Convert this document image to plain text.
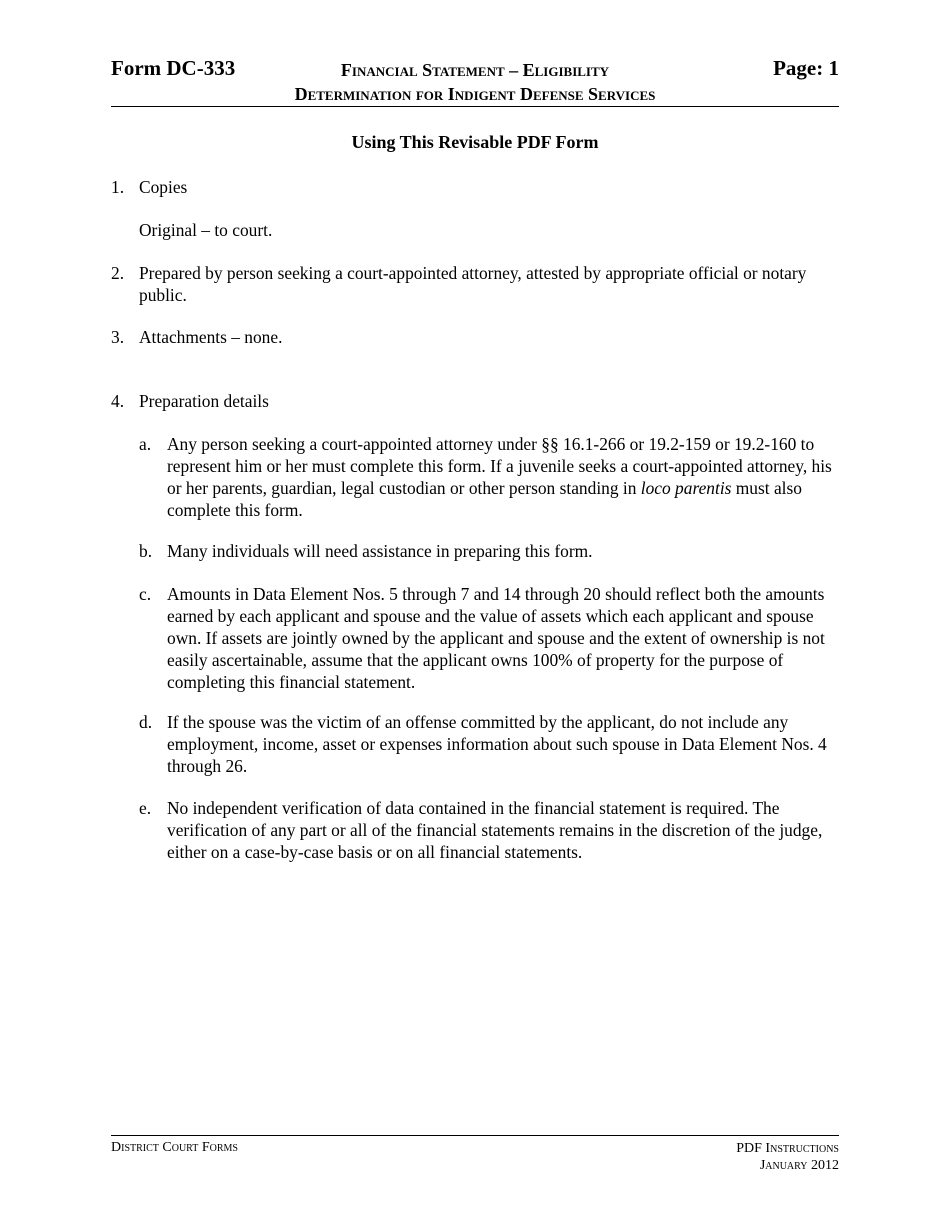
Form DC-333	Financial Statement – Eligibility
Determination for Indigent Defense Services
Page: 1
Using This Revisable PDF Form
1. Copies
Original – to court.
2. Prepared by person seeking a court-appointed attorney, attested by appropriate official or notary public.
3. Attachments – none.
4. Preparation details
a. Any person seeking a court-appointed attorney under §§ 16.1-266 or 19.2-159 or 19.2-160 to represent him or her must complete this form. If a juvenile seeks a court-appointed attorney, his or her parents, guardian, legal custodian or other person standing in loco parentis must also complete this form.
b. Many individuals will need assistance in preparing this form.
c. Amounts in Data Element Nos. 5 through 7 and 14 through 20 should reflect both the amounts earned by each applicant and spouse and the value of assets which each applicant and spouse own. If assets are jointly owned by the applicant and spouse and the extent of ownership is not easily ascertainable, assume that the applicant owns 100% of property for the purpose of completing this financial statement.
d. If the spouse was the victim of an offense committed by the applicant, do not include any employment, income, asset or expenses information about such spouse in Data Element Nos. 4 through 26.
e. No independent verification of data contained in the financial statement is required. The verification of any part or all of the financial statements remains in the discretion of the judge, either on a case-by-case basis or on all financial statements.
District Court Forms	PDF Instructions
January 2012
